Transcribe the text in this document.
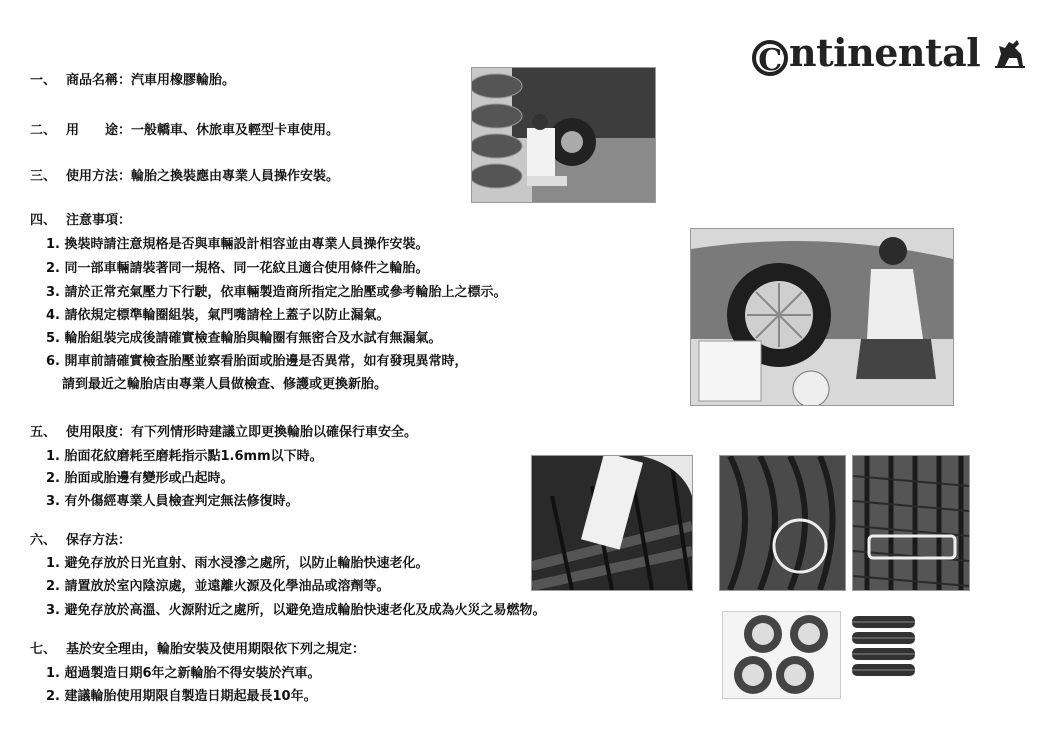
C ntinental
一、 商品名稱：汽車用橡膠輪胎。
二、 用　　途：一般轎車、休旅車及輕型卡車使用。
三、 使用方法：輪胎之換裝應由專業人員操作安裝。
四、 注意事項：
1. 換裝時請注意規格是否與車輛設計相容並由專業人員操作安裝。
2. 同一部車輛請裝著同一規格、同一花紋且適合使用條件之輪胎。
3. 請於正常充氣壓力下行駛，依車輛製造商所指定之胎壓或參考輪胎上之標示。
4. 請依規定標準輪圈組裝，氣門嘴請栓上蓋子以防止漏氣。
5. 輪胎組裝完成後請確實檢查輪胎與輪圈有無密合及水試有無漏氣。
6. 開車前請確實檢查胎壓並察看胎面或胎邊是否異常，如有發現異常時，
請到最近之輪胎店由專業人員做檢查、修護或更換新胎。
五、 使用限度：有下列情形時建議立即更換輪胎以確保行車安全。
1. 胎面花紋磨耗至磨耗指示點1.6mm以下時。
2. 胎面或胎邊有變形或凸起時。
3. 有外傷經專業人員檢查判定無法修復時。
六、 保存方法：
1. 避免存放於日光直射、雨水浸滲之處所，以防止輪胎快速老化。
2. 請置放於室內陰涼處，並遠離火源及化學油品或溶劑等。
3. 避免存放於高溫、火源附近之處所，以避免造成輪胎快速老化及成為火災之易燃物。
七、 基於安全理由，輪胎安裝及使用期限依下列之規定：
1. 超過製造日期6年之新輪胎不得安裝於汽車。
2. 建議輪胎使用期限自製造日期起最長10年。
